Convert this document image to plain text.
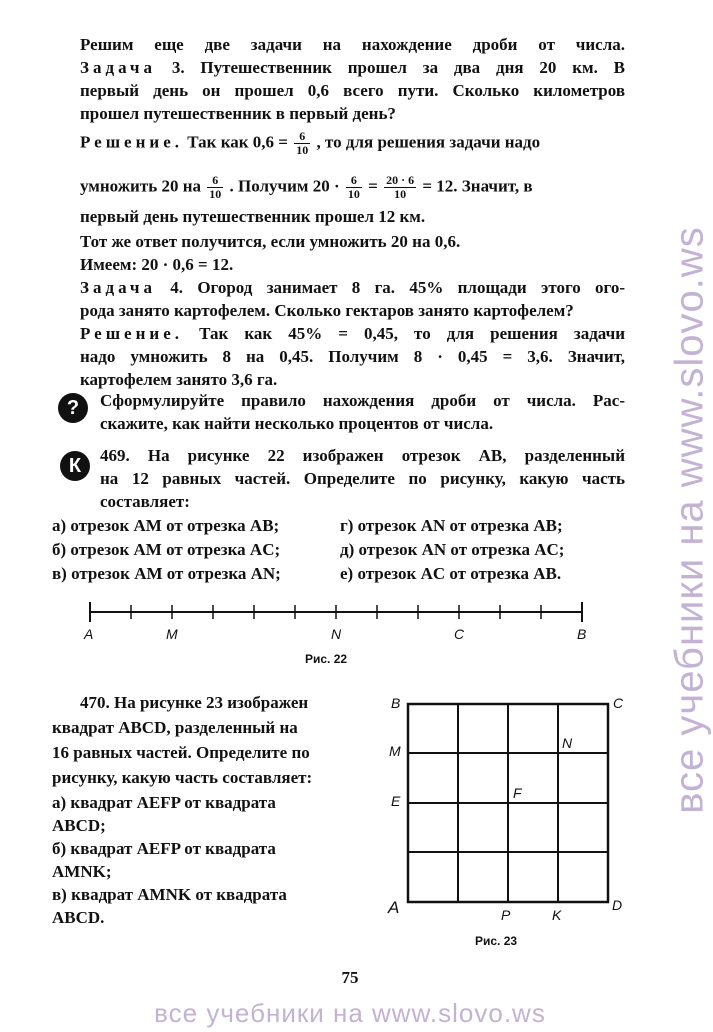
Решим еще две задачи на нахождение дроби от числа.
Задача 3. Путешественник прошел за два дня 20 км. В
первый день он прошел 0,6 всего пути. Сколько километров
прошел путешественник в первый день?
Решение. Так как $0,6 = \frac{6}{10}$ , то для решения задачи надо
умножить 20 на $\frac{6}{10}$ . Получим $20 \cdot \frac{6}{10} = \frac{20 \cdot 6}{10} = 12$. Значит, в
первый день путешественник прошел 12 км.
Тот же ответ получится, если умножить 20 на 0,6.
Имеем: 20 · 0,6 = 12.
Задача 4. Огород занимает 8 га. 45% площади этого ого-
рода занято картофелем. Сколько гектаров занято картофелем?
Решение. Так как 45% = 0,45, то для решения задачи
надо умножить 8 на 0,45. Получим 8 · 0,45 = 3,6. Значит,
картофелем занято 3,6 га.
?	Сформулируйте правило нахождения дроби от числа. Рас-
скажите, как найти несколько процентов от числа.
К	469. На рисунке 22 изображен отрезок AB, разделенный
на 12 равных частей. Определите по рисунку, какую часть
составляет:
а) отрезок AM от отрезка AB;
б) отрезок AM от отрезка AC;
в) отрезок AM от отрезка AN;
г) отрезок AN от отрезка AB;
д) отрезок AN от отрезка AC;
е) отрезок AC от отрезка AB.
A	M	N	C	B
Рис. 22
470. На рисунке 23 изображен
квадрат ABCD, разделенный на
16 равных частей. Определите по
рисунку, какую часть составляет:
а) квадрат AEFP от квадрата
ABCD;
б) квадрат AEFP от квадрата
AMNK;
в) квадрат AMNK от квадрата
ABCD.
B	C
M	N
E	F
A	P	K
D
Рис. 23
75
все учебники на www.slovo.ws
все учебники на www.slovo.ws
